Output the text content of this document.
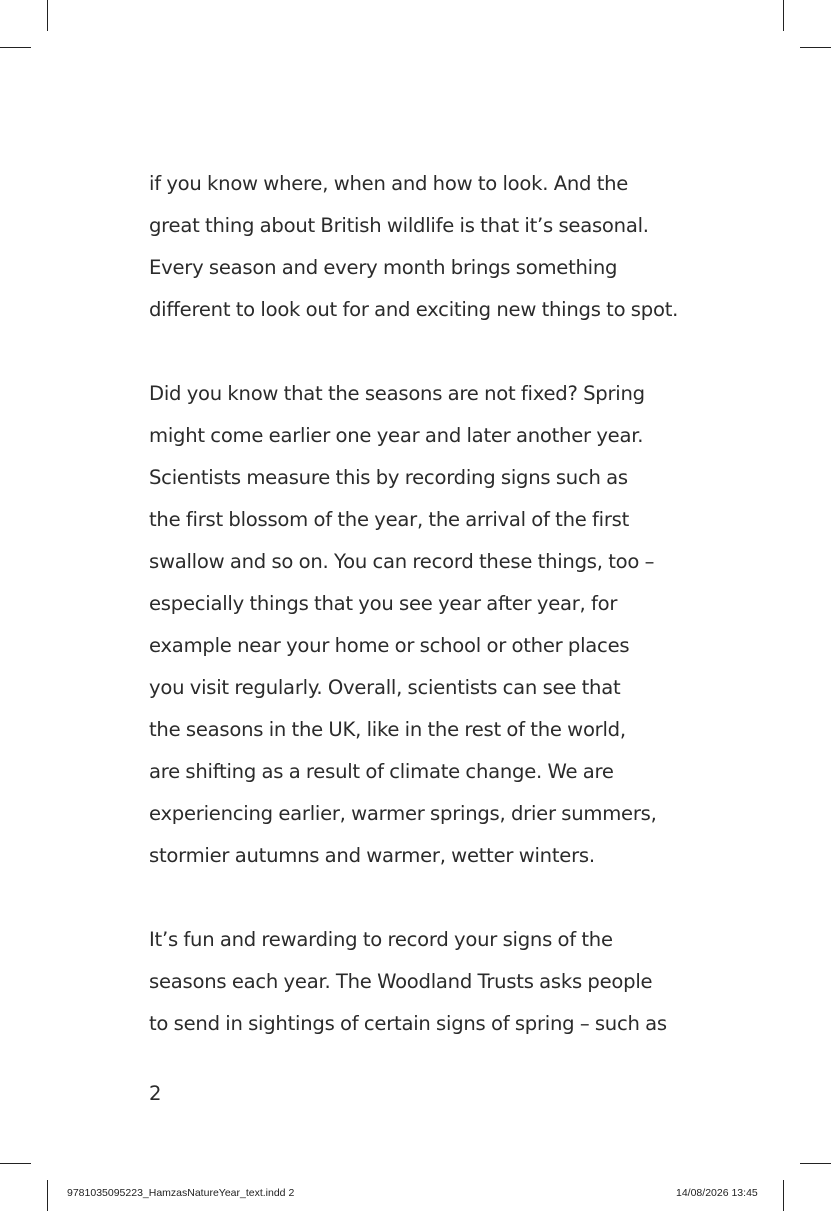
if you know where, when and how to look. And the
great thing about British wildlife is that it’s seasonal.
Every season and every month brings something
different to look out for and exciting new things to spot.

Did you know that the seasons are not fixed? Spring
might come earlier one year and later another year.
Scientists measure this by recording signs such as
the first blossom of the year, the arrival of the first
swallow and so on. You can record these things, too –
especially things that you see year after year, for
example near your home or school or other places
you visit regularly. Overall, scientists can see that
the seasons in the UK, like in the rest of the world,
are shifting as a result of climate change. We are
experiencing earlier, warmer springs, drier summers,
stormier autumns and warmer, wetter winters.

It’s fun and rewarding to record your signs of the
seasons each year. The Woodland Trusts asks people
to send in sightings of certain signs of spring – such as

2
9781035095223_HamzasNatureYear_text.indd 2	14/08/2026 13:45
